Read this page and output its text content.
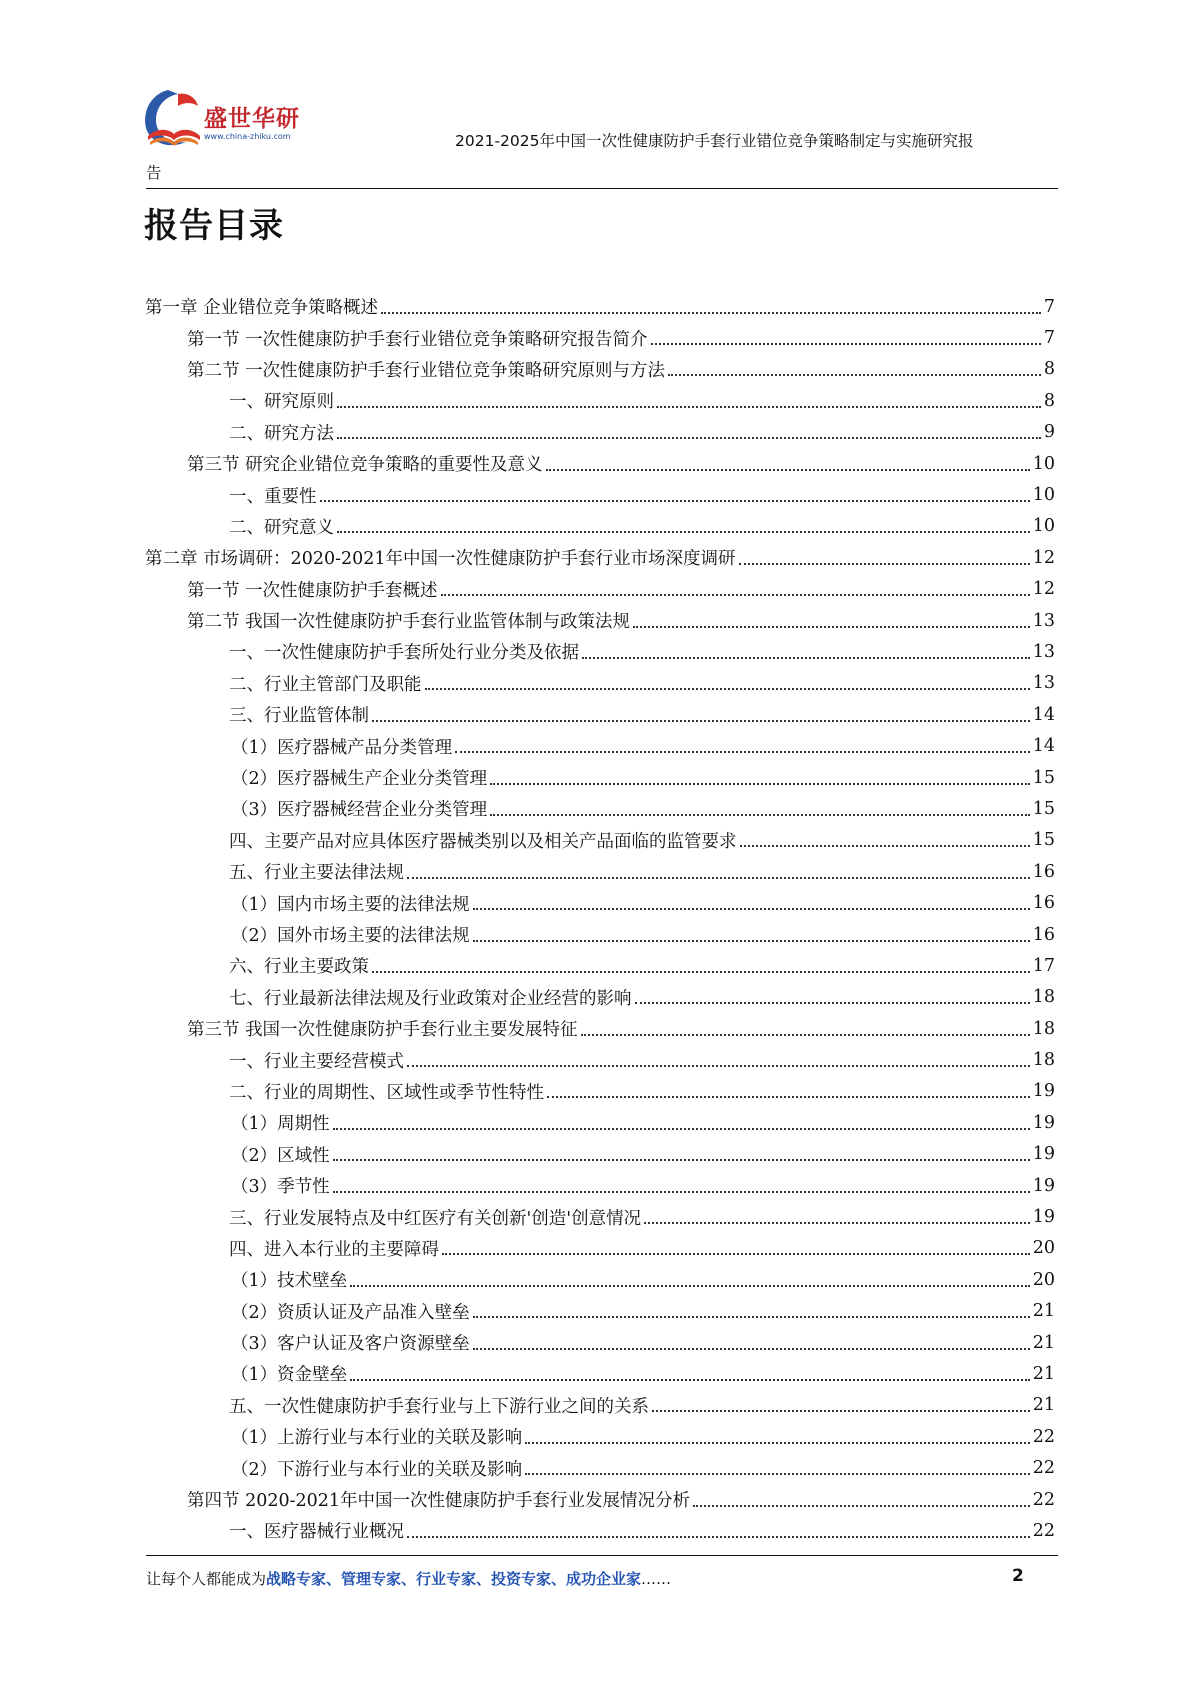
盛世华研
www.china-zhiku.com	2021-2025年中国一次性健康防护手套行业错位竞争策略制定与实施研究报
告
报告目录
第一章 企业错位竞争策略概述	7
第一节 一次性健康防护手套行业错位竞争策略研究报告简介	7
第二节 一次性健康防护手套行业错位竞争策略研究原则与方法	8
一、研究原则	8
二、研究方法	9
第三节 研究企业错位竞争策略的重要性及意义	10
一、重要性	10
二、研究意义	10
第二章 市场调研：2020-2021年中国一次性健康防护手套行业市场深度调研	12
第一节 一次性健康防护手套概述	12
第二节 我国一次性健康防护手套行业监管体制与政策法规	13
一、一次性健康防护手套所处行业分类及依据	13
二、行业主管部门及职能	13
三、行业监管体制	14
（1）医疗器械产品分类管理	14
（2）医疗器械生产企业分类管理	15
（3）医疗器械经营企业分类管理	15
四、主要产品对应具体医疗器械类别以及相关产品面临的监管要求	15
五、行业主要法律法规	16
（1）国内市场主要的法律法规	16
（2）国外市场主要的法律法规	16
六、行业主要政策	17
七、行业最新法律法规及行业政策对企业经营的影响	18
第三节 我国一次性健康防护手套行业主要发展特征	18
一、行业主要经营模式	18
二、行业的周期性、区域性或季节性特性	19
（1）周期性	19
（2）区域性	19
（3）季节性	19
三、行业发展特点及中红医疗有关创新'创造'创意情况	19
四、进入本行业的主要障碍	20
（1）技术壁垒	20
（2）资质认证及产品准入壁垒	21
（3）客户认证及客户资源壁垒	21
（1）资金壁垒	21
五、一次性健康防护手套行业与上下游行业之间的关系	21
（1）上游行业与本行业的关联及影响	22
（2）下游行业与本行业的关联及影响	22
第四节 2020-2021年中国一次性健康防护手套行业发展情况分析	22
一、医疗器械行业概况	22
让每个人都能成为战略专家、管理专家、行业专家、投资专家、成功企业家……	2
